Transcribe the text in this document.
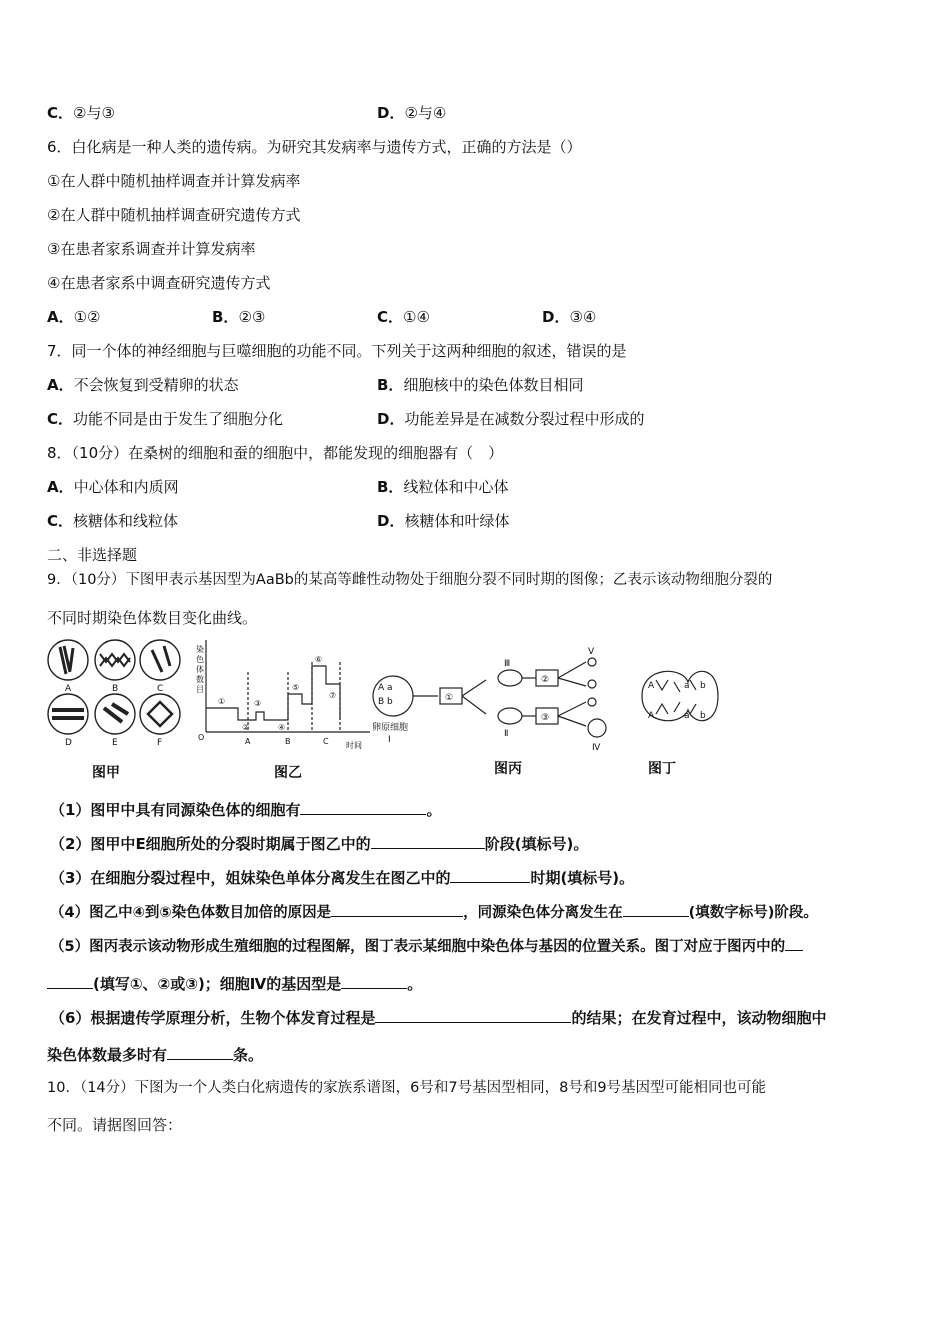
C．②与③	D．②与④
6．白化病是一种人类的遗传病。为研究其发病率与遗传方式，正确的方法是（）
①在人群中随机抽样调查并计算发病率
②在人群中随机抽样调查研究遗传方式
③在患者家系调查并计算发病率
④在患者家系中调查研究遗传方式
A．①②	B．②③	C．①④	D．③④
7．同一个体的神经细胞与巨噬细胞的功能不同。下列关于这两种细胞的叙述，错误的是
A．不会恢复到受精卵的状态	B．细胞核中的染色体数目相同
C．功能不同是由于发生了细胞分化	D．功能差异是在减数分裂过程中形成的
8．（10分）在桑树的细胞和蚕的细胞中，都能发现的细胞器有（　）
A．中心体和内质网	B．线粒体和中心体
C．核糖体和线粒体	D．核糖体和叶绿体
二、非选择题
9．（10分）下图甲表示基因型为AaBb的某高等雌性动物处于细胞分裂不同时期的图像；乙表示该动物细胞分裂的
不同时期染色体数目变化曲线。
A	B	C
D	E	F
染
色
体
数
目
O
时间
A	B	C
①
②
③
④
⑤
⑥
⑦
A a
B b
卵原细胞
Ⅰ
①
②
③
Ⅲ
Ⅱ
Ⅴ
Ⅳ
A	a b
A	a b
图甲	图乙	图丙	图丁
（1）图甲中具有同源染色体的细胞有	。
（2）图甲中E细胞所处的分裂时期属于图乙中的	阶段(填标号)。
（3）在细胞分裂过程中，姐妹染色单体分离发生在图乙中的	时期(填标号)。
（4）图乙中④到⑤染色体数目加倍的原因是	，同源染色体分离发生在	(填数字标号)阶段。
（5）图丙表示该动物形成生殖细胞的过程图解，图丁表示某细胞中染色体与基因的位置关系。图丁对应于图丙中的
(填写①、②或③)；细胞Ⅳ的基因型是	。
（6）根据遗传学原理分析，生物个体发育过程是	的结果；在发育过程中，该动物细胞中
染色体数最多时有	条。
10．（14分）下图为一个人类白化病遗传的家族系谱图，6号和7号基因型相同，8号和9号基因型可能相同也可能
不同。请据图回答：
